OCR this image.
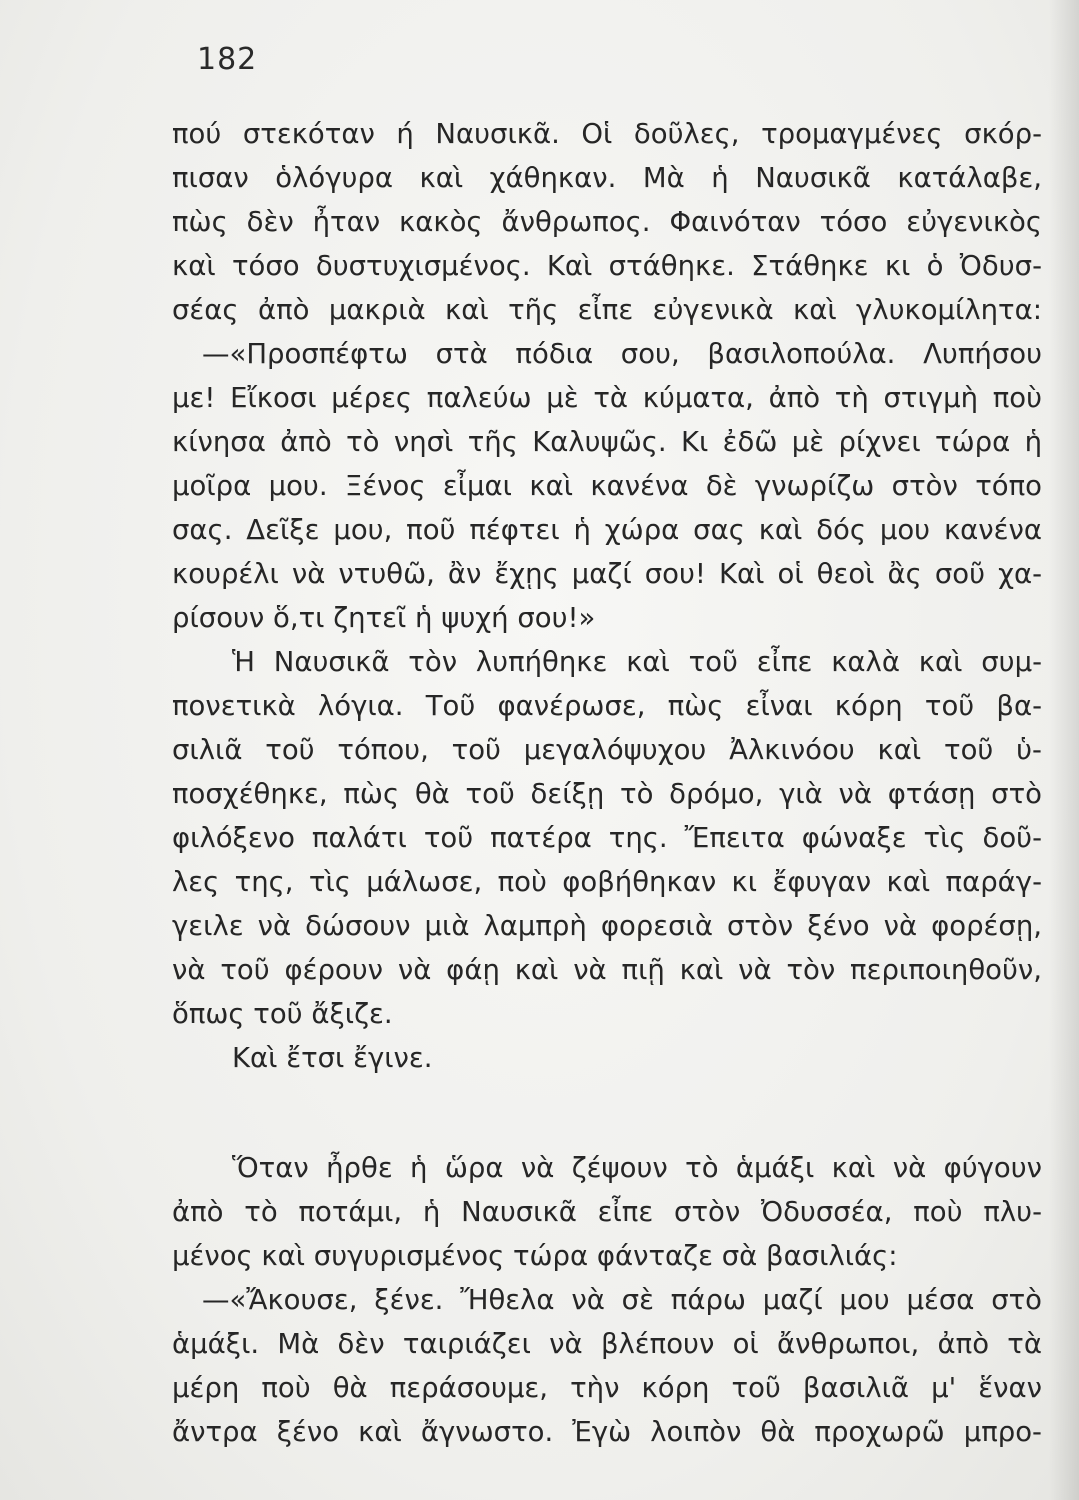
182
πού στεκόταν ή Ναυσικᾶ. Οἱ δοῦλες, τρομαγμένες σκόρ-
πισαν ὁλόγυρα καὶ χάθηκαν. Μὰ ἡ Ναυσικᾶ κατάλαβε,
πὼς δὲν ἦταν κακὸς ἄνθρωπος. Φαινόταν τόσο εὐγενικὸς
καὶ τόσο δυστυχισμένος. Καὶ στάθηκε. Στάθηκε κι ὁ Ὀδυσ-
σέας ἀπὸ μακριὰ καὶ τῆς εἶπε εὐγενικὰ καὶ γλυκομίλητα:
—«Προσπέφτω στὰ πόδια σου, βασιλοπούλα. Λυπήσου
με! Εἴκοσι μέρες παλεύω μὲ τὰ κύματα, ἀπὸ τὴ στιγμὴ ποὺ
κίνησα ἀπὸ τὸ νησὶ τῆς Καλυψῶς. Κι ἐδῶ μὲ ρίχνει τώρα ἡ
μοῖρα μου. Ξένος εἶμαι καὶ κανένα δὲ γνωρίζω στὸν τόπο
σας. Δεῖξε μου, ποῦ πέφτει ἡ χώρα σας καὶ δός μου κανένα
κουρέλι νὰ ντυθῶ, ἂν ἔχῃς μαζί σου! Καὶ οἱ θεοὶ ἂς σοῦ χα-
ρίσουν ὅ,τι ζητεῖ ἡ ψυχή σου!»
Ἡ Ναυσικᾶ τὸν λυπήθηκε καὶ τοῦ εἶπε καλὰ καὶ συμ-
πονετικὰ λόγια. Τοῦ φανέρωσε, πὼς εἶναι κόρη τοῦ βα-
σιλιᾶ τοῦ τόπου, τοῦ μεγαλόψυχου Ἀλκινόου καὶ τοῦ ὑ-
ποσχέθηκε, πὼς θὰ τοῦ δείξῃ τὸ δρόμο, γιὰ νὰ φτάσῃ στὸ
φιλόξενο παλάτι τοῦ πατέρα της. Ἔπειτα φώναξε τὶς δοῦ-
λες της, τὶς μάλωσε, ποὺ φοβήθηκαν κι ἔφυγαν καὶ παράγ-
γειλε νὰ δώσουν μιὰ λαμπρὴ φορεσιὰ στὸν ξένο νὰ φορέσῃ,
νὰ τοῦ φέρουν νὰ φάῃ καὶ νὰ πιῇ καὶ νὰ τὸν περιποιηθοῦν,
ὅπως τοῦ ἄξιζε.
Καὶ ἔτσι ἔγινε.
Ὅταν ἦρθε ἡ ὥρα νὰ ζέψουν τὸ ἁμάξι καὶ νὰ φύγουν
ἀπὸ τὸ ποτάμι, ἡ Ναυσικᾶ εἶπε στὸν Ὀδυσσέα, ποὺ πλυ-
μένος καὶ συγυρισμένος τώρα φάνταζε σὰ βασιλιάς:
—«Ἄκουσε, ξένε. Ἤθελα νὰ σὲ πάρω μαζί μου μέσα στὸ
ἁμάξι. Μὰ δὲν ταιριάζει νὰ βλέπουν οἱ ἄνθρωποι, ἀπὸ τὰ
μέρη ποὺ θὰ περάσουμε, τὴν κόρη τοῦ βασιλιᾶ μ' ἕναν
ἄντρα ξένο καὶ ἄγνωστο. Ἐγὼ λοιπὸν θὰ προχωρῶ μπρο-
